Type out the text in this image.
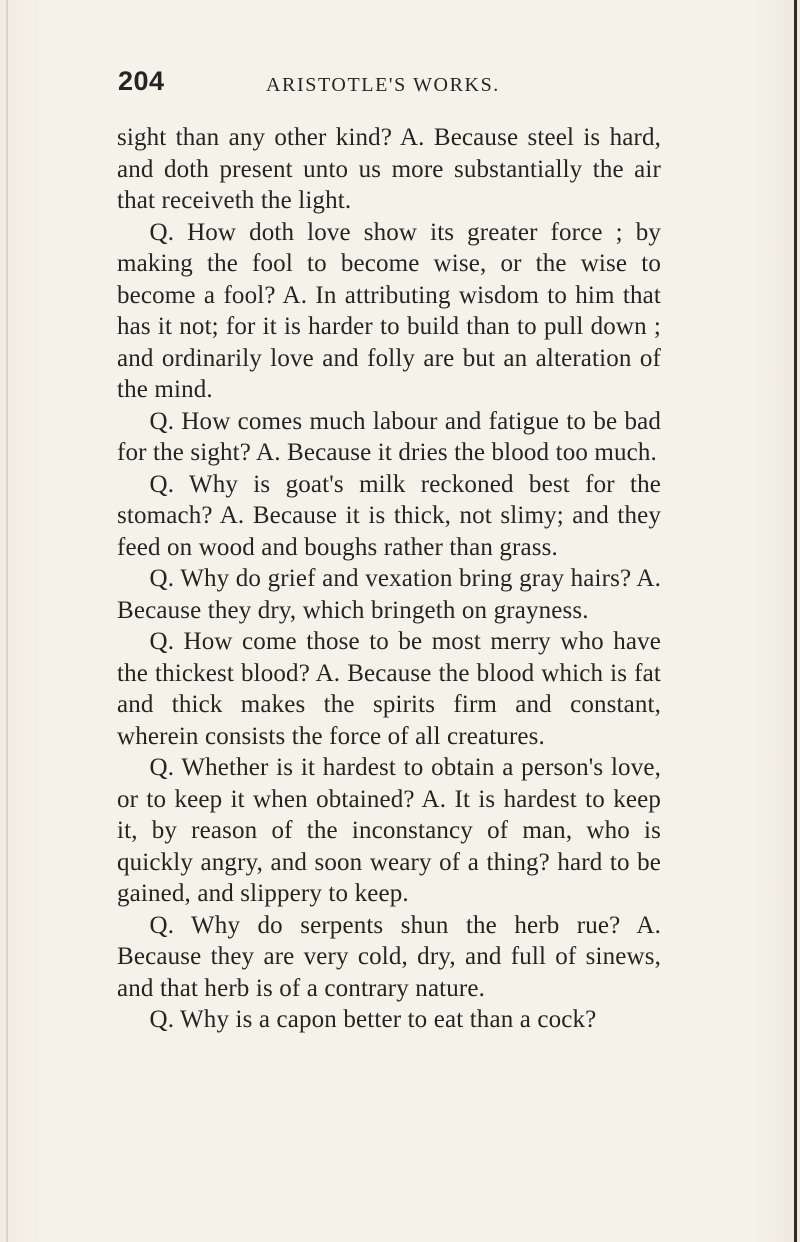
204	ARISTOTLE'S WORKS.

sight than any other kind? A. Because steel is hard, and doth present unto us more substantially the air that receiveth the light.

Q. How doth love show its greater force ; by making the fool to become wise, or the wise to become a fool? A. In attributing wisdom to him that has it not; for it is harder to build than to pull down ; and ordinarily love and folly are but an alteration of the mind.

Q. How comes much labour and fatigue to be bad for the sight? A. Because it dries the blood too much.

Q. Why is goat's milk reckoned best for the stomach? A. Because it is thick, not slimy; and they feed on wood and boughs rather than grass.

Q. Why do grief and vexation bring gray hairs? A. Because they dry, which bringeth on grayness.

Q. How come those to be most merry who have the thickest blood? A. Because the blood which is fat and thick makes the spirits firm and constant, wherein consists the force of all creatures.

Q. Whether is it hardest to obtain a person's love, or to keep it when obtained? A. It is hardest to keep it, by reason of the inconstancy of man, who is quickly angry, and soon weary of a thing? hard to be gained, and slippery to keep.

Q. Why do serpents shun the herb rue? A. Because they are very cold, dry, and full of sinews, and that herb is of a contrary nature.

Q. Why is a capon better to eat than a cock?
